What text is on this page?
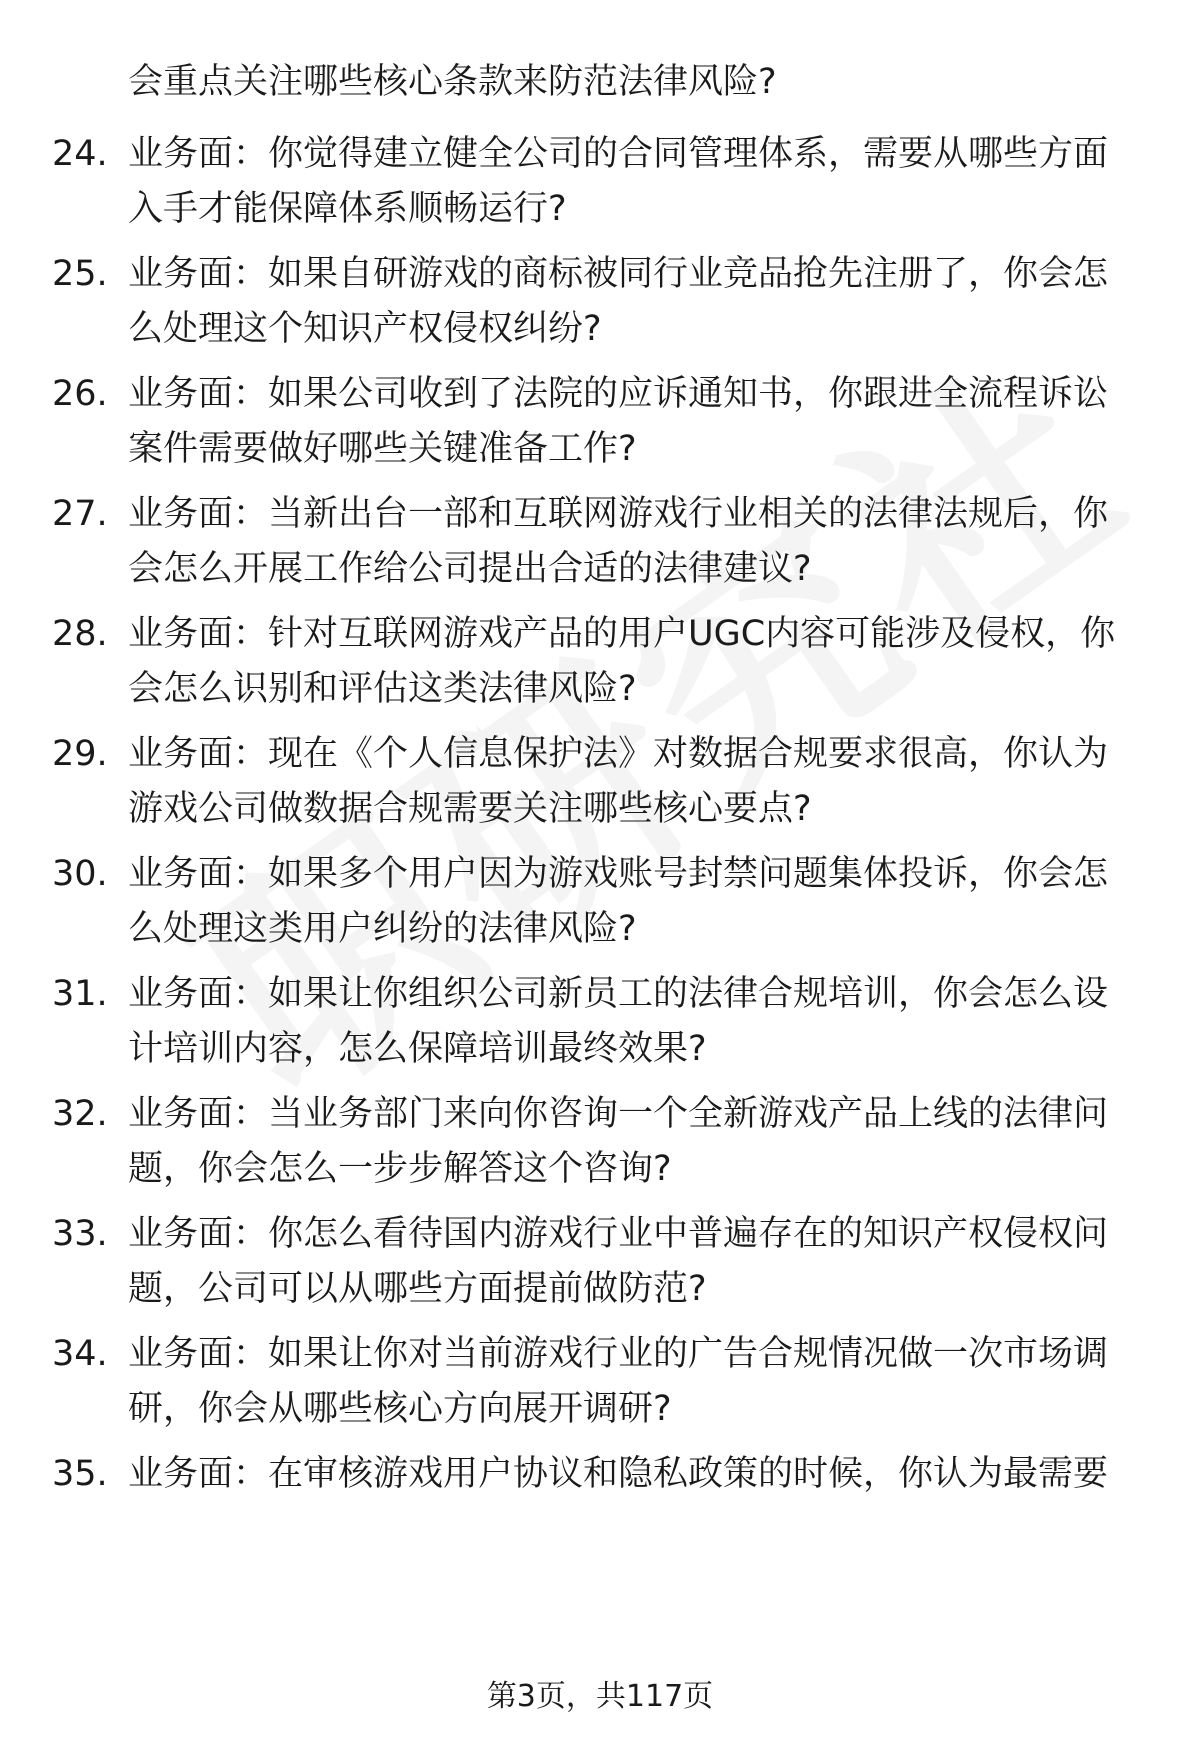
会重点关注哪些核心条款来防范法律风险?
24. 业务面：你觉得建立健全公司的合同管理体系，需要从哪些方面
入手才能保障体系顺畅运行?
25. 业务面：如果自研游戏的商标被同行业竞品抢先注册了，你会怎
么处理这个知识产权侵权纠纷?
26. 业务面：如果公司收到了法院的应诉通知书，你跟进全流程诉讼
案件需要做好哪些关键准备工作?
27. 业务面：当新出台一部和互联网游戏行业相关的法律法规后，你
会怎么开展工作给公司提出合适的法律建议?
28. 业务面：针对互联网游戏产品的用户UGC内容可能涉及侵权，你
会怎么识别和评估这类法律风险?
29. 业务面：现在《个人信息保护法》对数据合规要求很高，你认为
游戏公司做数据合规需要关注哪些核心要点?
30. 业务面：如果多个用户因为游戏账号封禁问题集体投诉，你会怎
么处理这类用户纠纷的法律风险?
31. 业务面：如果让你组织公司新员工的法律合规培训，你会怎么设
计培训内容，怎么保障培训最终效果?
32. 业务面：当业务部门来向你咨询一个全新游戏产品上线的法律问
题，你会怎么一步步解答这个咨询?
33. 业务面：你怎么看待国内游戏行业中普遍存在的知识产权侵权问
题，公司可以从哪些方面提前做防范?
34. 业务面：如果让你对当前游戏行业的广告合规情况做一次市场调
研，你会从哪些核心方向展开调研?
35. 业务面：在审核游戏用户协议和隐私政策的时候，你认为最需要
第3页，共117页
